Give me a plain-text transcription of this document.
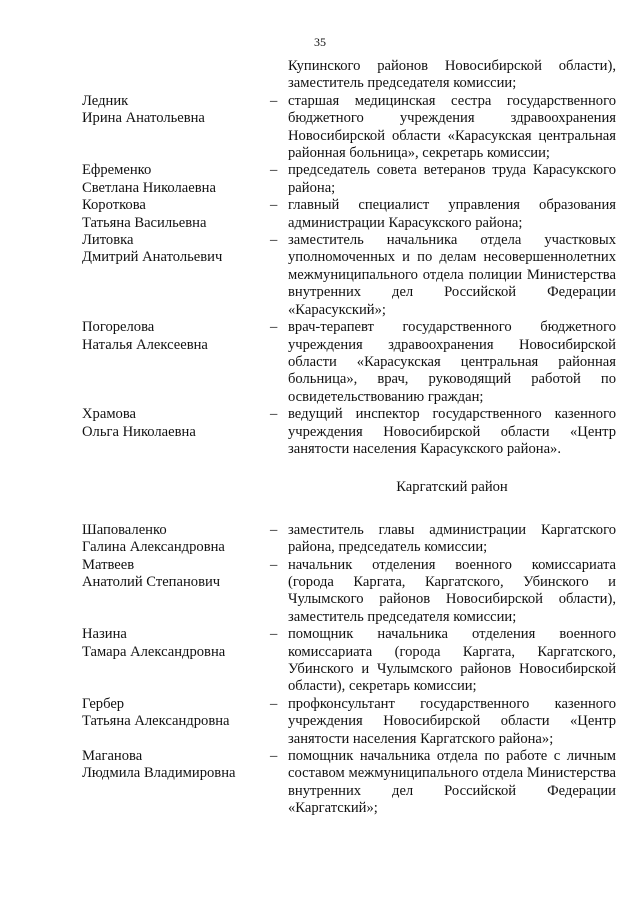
35
Купинского районов Новосибирской области), заместитель председателя комиссии;
Ледник
Ирина Анатольевна
– старшая медицинская сестра государственного бюджетного учреждения здравоохранения Новосибирской области «Карасукская центральная районная больница», секретарь комиссии;
Ефременко
Светлана Николаевна
– председатель совета ветеранов труда Карасукского района;
Короткова
Татьяна Васильевна
– главный специалист управления образования администрации Карасукского района;
Литовка
Дмитрий Анатольевич
– заместитель начальника отдела участковых уполномоченных и по делам несовершеннолетних межмуниципального отдела полиции Министерства внутренних дел Российской Федерации «Карасукский»;
Погорелова
Наталья Алексеевна
– врач-терапевт государственного бюджетного учреждения здравоохранения Новосибирской области «Карасукская центральная районная больница», врач, руководящий работой по освидетельствованию граждан;
Храмова
Ольга Николаевна
– ведущий инспектор государственного казенного учреждения Новосибирской области «Центр занятости населения Карасукского района».
Каргатский район
Шаповаленко
Галина Александровна
– заместитель главы администрации Каргатского района, председатель комиссии;
Матвеев
Анатолий Степанович
– начальник отделения военного комиссариата (города Каргата, Каргатского, Убинского и Чулымского районов Новосибирской области), заместитель председателя комиссии;
Назина
Тамара Александровна
– помощник начальника отделения военного комиссариата (города Каргата, Каргатского, Убинского и Чулымского районов Новосибирской области), секретарь комиссии;
Гербер
Татьяна Александровна
– профконсультант государственного казенного учреждения Новосибирской области «Центр занятости населения Каргатского района»;
Маганова
Людмила Владимировна
– помощник начальника отдела по работе с личным составом межмуниципального отдела Министерства внутренних дел Российской Федерации «Каргатский»;
